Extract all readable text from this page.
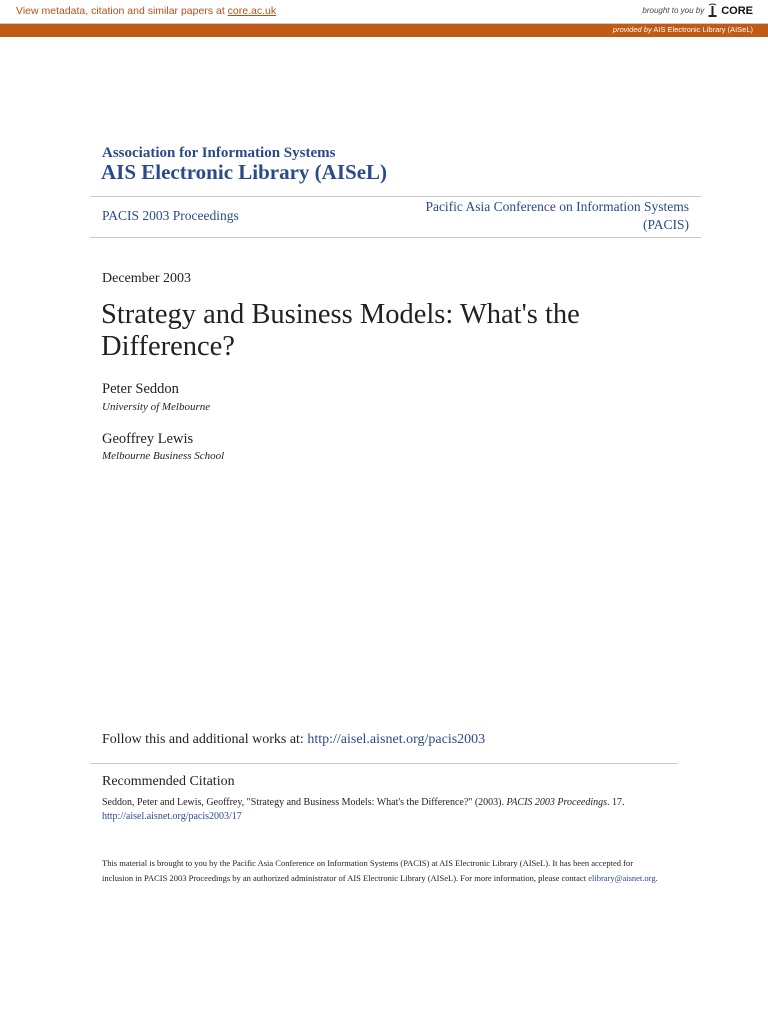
View metadata, citation and similar papers at core.ac.uk	brought to you by CORE
provided by AIS Electronic Library (AISeL)
Association for Information Systems
AIS Electronic Library (AISeL)
PACIS 2003 Proceedings
Pacific Asia Conference on Information Systems
(PACIS)
December 2003
Strategy and Business Models: What's the Difference?
Peter Seddon
University of Melbourne
Geoffrey Lewis
Melbourne Business School
Follow this and additional works at: http://aisel.aisnet.org/pacis2003
Recommended Citation
Seddon, Peter and Lewis, Geoffrey, "Strategy and Business Models: What's the Difference?" (2003). PACIS 2003 Proceedings. 17.
http://aisel.aisnet.org/pacis2003/17
This material is brought to you by the Pacific Asia Conference on Information Systems (PACIS) at AIS Electronic Library (AISeL). It has been accepted for inclusion in PACIS 2003 Proceedings by an authorized administrator of AIS Electronic Library (AISeL). For more information, please contact elibrary@aisnet.org.
